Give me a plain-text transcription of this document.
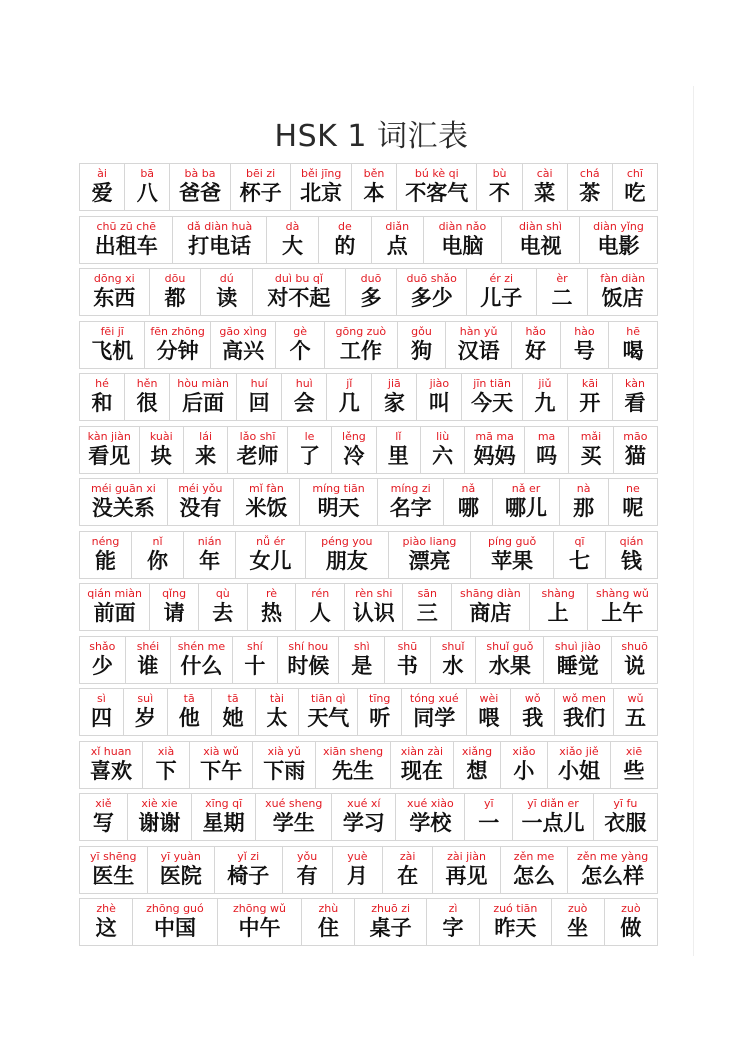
HSK 1 词汇表
ài
爱
bā
八
bà ba
爸爸
bēi zi
杯子
běi jīng
北京
běn
本
bú kè qi
不客气
bù
不
cài
菜
chá
茶
chī
吃
chū zū chē
出租车
dǎ diàn huà
打电话
dà
大
de
的
diǎn
点
diàn nǎo
电脑
diàn shì
电视
diàn yǐng
电影
dōng xi
东西
dōu
都
dú
读
duì bu qǐ
对不起
duō
多
duō shǎo
多少
ér zi
儿子
èr
二
fàn diàn
饭店
fēi jī
飞机
fēn zhōng
分钟
gāo xìng
高兴
gè
个
gōng zuò
工作
gǒu
狗
hàn yǔ
汉语
hǎo
好
hào
号
hē
喝
hé
和
hěn
很
hòu miàn
后面
huí
回
huì
会
jǐ
几
jiā
家
jiào
叫
jīn tiān
今天
jiǔ
九
kāi
开
kàn
看
kàn jiàn
看见
kuài
块
lái
来
lǎo shī
老师
le
了
lěng
冷
lǐ
里
liù
六
mā ma
妈妈
ma
吗
mǎi
买
māo
猫
méi guān xi
没关系
méi yǒu
没有
mǐ fàn
米饭
míng tiān
明天
míng zi
名字
nǎ
哪
nǎ er
哪儿
nà
那
ne
呢
néng
能
nǐ
你
nián
年
nǚ ér
女儿
péng you
朋友
piào liang
漂亮
píng guǒ
苹果
qī
七
qián
钱
qián miàn
前面
qǐng
请
qù
去
rè
热
rén
人
rèn shi
认识
sān
三
shāng diàn
商店
shàng
上
shàng wǔ
上午
shǎo
少
shéi
谁
shén me
什么
shí
十
shí hou
时候
shì
是
shū
书
shuǐ
水
shuǐ guǒ
水果
shuì jiào
睡觉
shuō
说
sì
四
suì
岁
tā
他
tā
她
tài
太
tiān qì
天气
tīng
听
tóng xué
同学
wèi
喂
wǒ
我
wǒ men
我们
wǔ
五
xǐ huan
喜欢
xià
下
xià wǔ
下午
xià yǔ
下雨
xiān sheng
先生
xiàn zài
现在
xiǎng
想
xiǎo
小
xiǎo jiě
小姐
xiē
些
xiě
写
xiè xie
谢谢
xīng qī
星期
xué sheng
学生
xué xí
学习
xué xiào
学校
yī
一
yī diǎn er
一点儿
yī fu
衣服
yī shēng
医生
yī yuàn
医院
yǐ zi
椅子
yǒu
有
yuè
月
zài
在
zài jiàn
再见
zěn me
怎么
zěn me yàng
怎么样
zhè
这
zhōng guó
中国
zhōng wǔ
中午
zhù
住
zhuō zi
桌子
zì
字
zuó tiān
昨天
zuò
坐
zuò
做
